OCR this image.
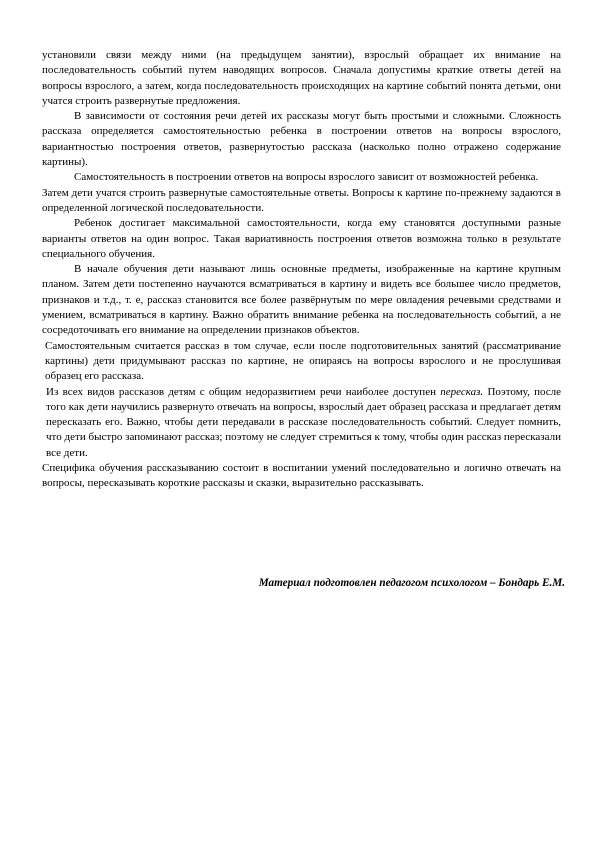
установили связи между ними (на предыдущем занятии), взрослый обращает их внимание на последовательность событий путем наводящих вопросов. Сначала допустимы краткие ответы детей на вопросы взрослого, а затем, когда последовательность происходящих на картине событий понята детьми, они учатся строить развернутые предложения.

В зависимости от состояния речи детей их рассказы могут быть простыми и сложными. Сложность рассказа определяется самостоятельностью ребенка в построении ответов на вопросы взрослого, вариантностью построения ответов, развернутостью рассказа (насколько полно отражено содержание картины).

Самостоятельность в построении ответов на вопросы взрослого зависит от возможностей ребенка.

Затем дети учатся строить развернутые самостоятельные ответы. Вопросы к картине по-прежнему задаются в определенной логической последовательности.

Ребенок достигает максимальной самостоятельности, когда ему становятся доступными разные варианты ответов на один вопрос. Такая вариативность построения ответов возможна только в результате специального обучения.

В начале обучения дети называют лишь основные предметы, изображенные на картине крупным планом. Затем дети постепенно научаются всматриваться в картину и видеть все большее число предметов, признаков и т.д., т. е, рассказ становится все более развёрнутым по мере овладения речевыми средствами и умением, всматриваться в картину. Важно обратить внимание ребенка на последовательность событий, а не сосредоточивать его внимание на определении признаков объектов.

Самостоятельным считается рассказ в том случае, если после подготовительных занятий (рассматривание картины) дети придумывают рассказ по картине, не опираясь на вопросы взрослого и не прослушивая образец его рассказа.

Из всех видов рассказов детям с общим недоразвитием речи наиболее доступен пересказ. Поэтому, после того как дети научились развернуто отвечать на вопросы, взрослый дает образец рассказа и предлагает детям пересказать его. Важно, чтобы дети передавали в рассказе последовательность событий. Следует помнить, что дети быстро запоминают рассказ; поэтому не следует стремиться к тому, чтобы один рассказ пересказали все дети.

Специфика обучения рассказыванию состоит в воспитании умений последовательно и логично отвечать на вопросы, пересказывать короткие рассказы и сказки, выразительно рассказывать.

Материал подготовлен педагогом психологом – Бондарь Е.М.
